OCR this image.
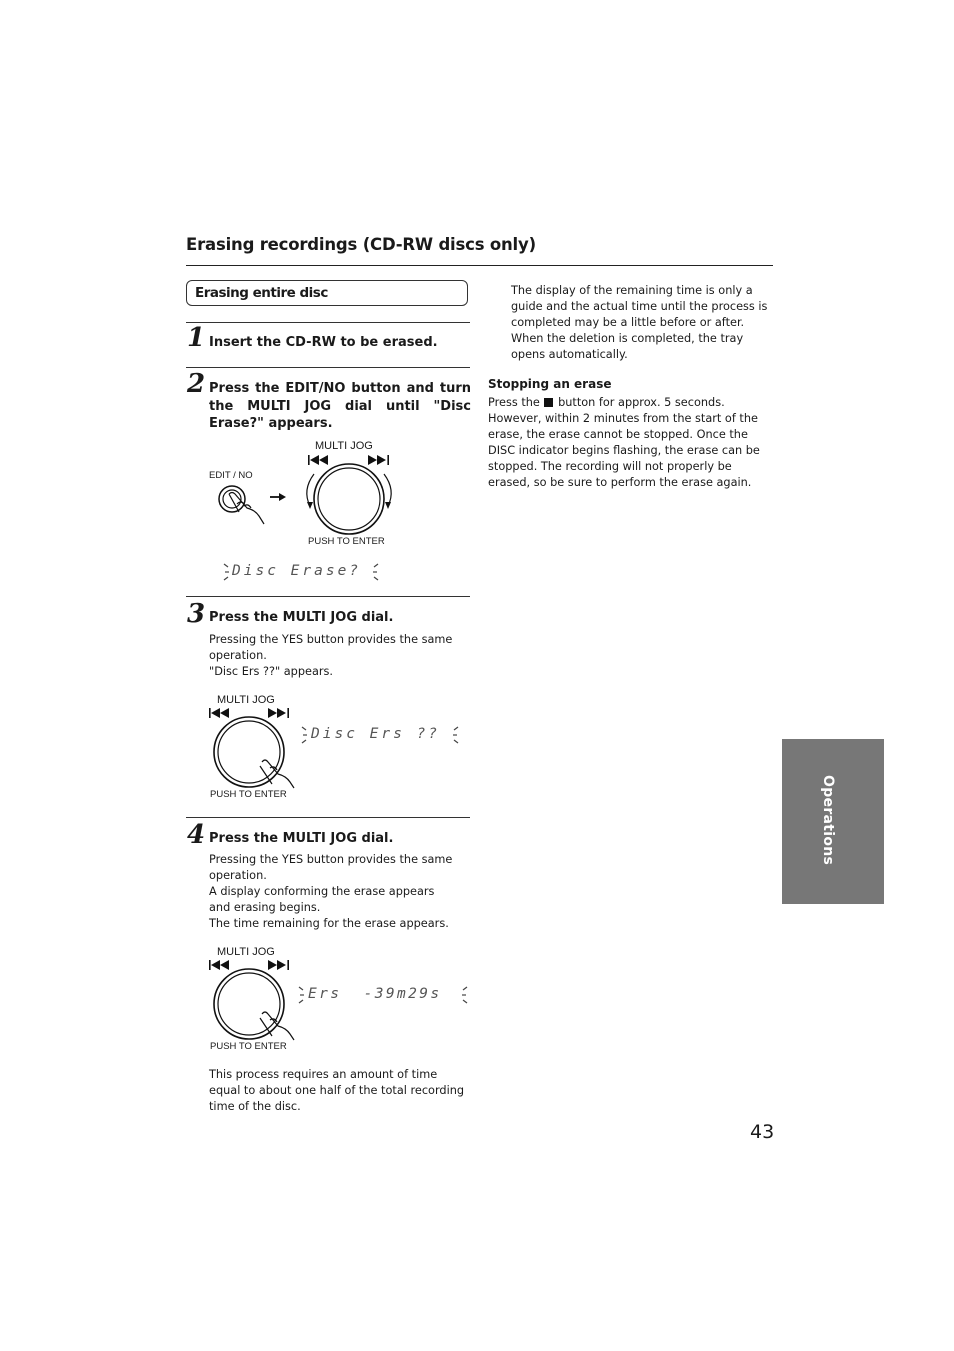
Erasing recordings (CD-RW discs only)
Erasing entire disc
1 Insert the CD-RW to be erased.
2 Press the EDIT/NO button and turn the MULTI JOG dial until "Disc Erase?" appears.
MULTI JOG
EDIT / NO
PUSH TO ENTER
Disc Erase?
3 Press the MULTI JOG dial.
Pressing the YES button provides the same operation.
"Disc Ers ??" appears.
MULTI JOG
PUSH TO ENTER
Disc Ers ??
4 Press the MULTI JOG dial.
Pressing the YES button provides the same operation.
A display conforming the erase appears and erasing begins.
The time remaining for the erase appears.
MULTI JOG
PUSH TO ENTER
Ers  -39m29s
This process requires an amount of time equal to about one half of the total recording time of the disc.
The display of the remaining time is only a guide and the actual time until the process is completed may be a little before or after.
When the deletion is completed, the tray opens automatically.
Stopping an erase
Press the button for approx. 5 seconds. However, within 2 minutes from the start of the erase, the erase cannot be stopped. Once the DISC indicator begins flashing, the erase can be stopped. The recording will not properly be erased, so be sure to perform the erase again.
Operations
43
